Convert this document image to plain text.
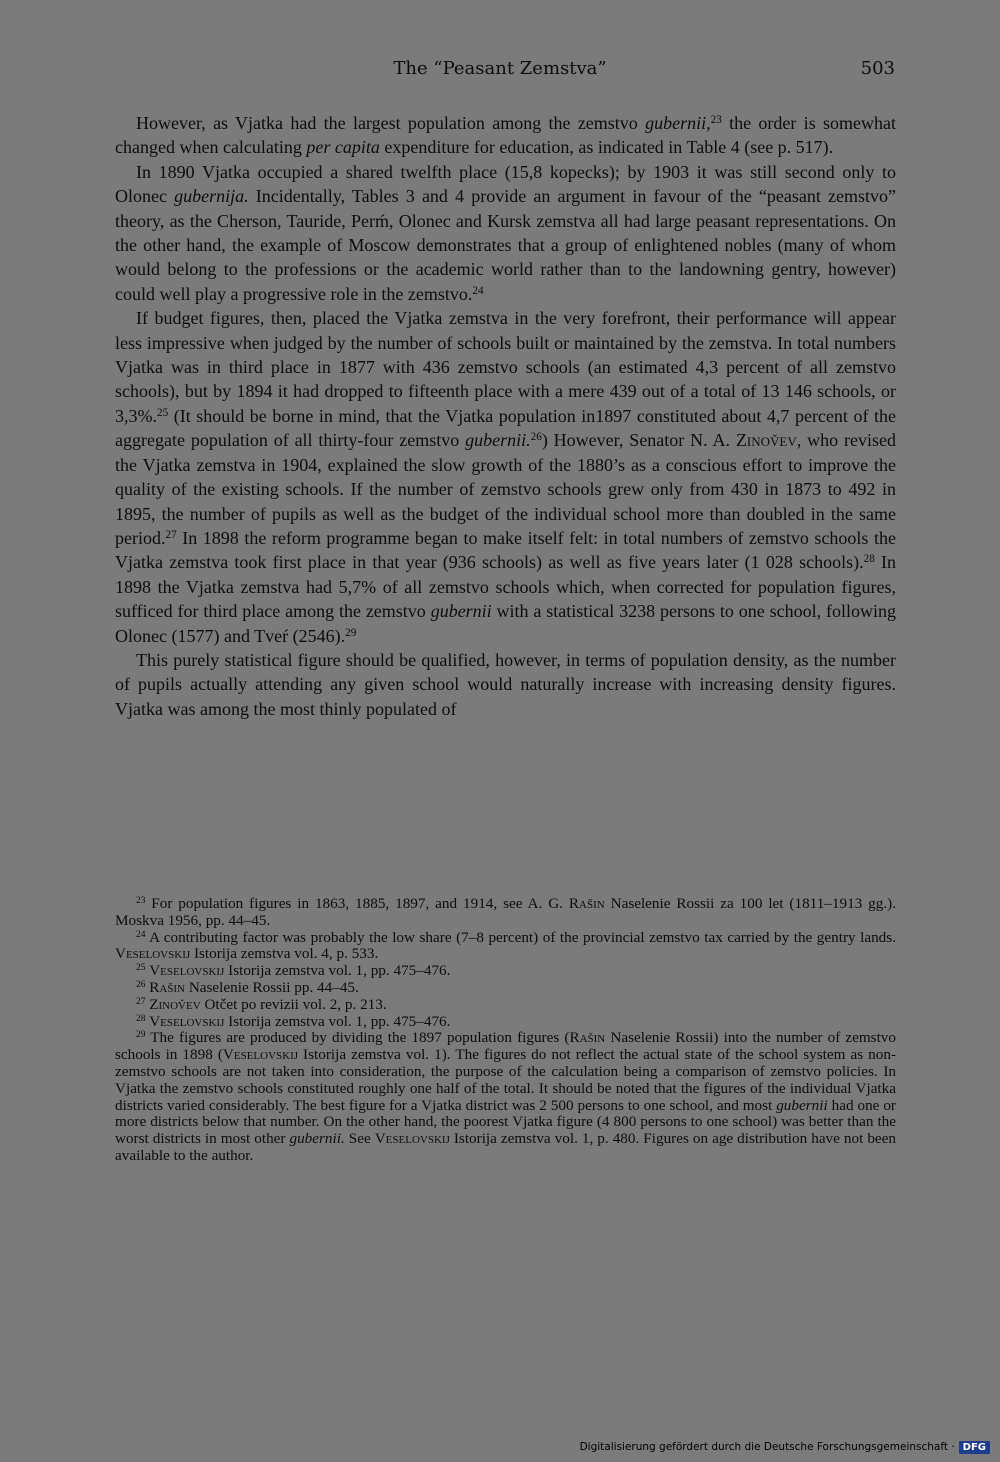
The “Peasant Zemstva”	503

However, as Vjatka had the largest population among the zemstvo gubernii,$^{23}$ the order is somewhat changed when calculating per capita expenditure for education, as indicated in Table 4 (see p. 517).

In 1890 Vjatka occupied a shared twelfth place (15,8 kopecks); by 1903 it was still second only to Olonec gubernija. Incidentally, Tables 3 and 4 provide an argument in favour of the “peasant zemstvo” theory, as the Cherson, Tauride, Perḿ, Olonec and Kursk zemstva all had large peasant representations. On the other hand, the example of Moscow demonstrates that a group of enlightened nobles (many of whom would belong to the professions or the academic world rather than to the landowning gentry, however) could well play a progressive role in the zemstvo.$^{24}$

If budget figures, then, placed the Vjatka zemstva in the very forefront, their performance will appear less impressive when judged by the number of schools built or maintained by the zemstva. In total numbers Vjatka was in third place in 1877 with 436 zemstvo schools (an estimated 4,3 percent of all zemstvo schools), but by 1894 it had dropped to fifteenth place with a mere 439 out of a total of 13 146 schools, or 3,3%.$^{25}$ (It should be borne in mind, that the Vjatka population in1897 constituted about 4,7 percent of the aggregate population of all thirty-four zemstvo gubernii.$^{26}$) However, Senator N. A. Zinov̌ev, who revised the Vjatka zemstva in 1904, explained the slow growth of the 1880’s as a conscious effort to improve the quality of the existing schools. If the number of zemstvo schools grew only from 430 in 1873 to 492 in 1895, the number of pupils as well as the budget of the individual school more than doubled in the same period.$^{27}$ In 1898 the reform programme began to make itself felt: in total numbers of zemstvo schools the Vjatka zemstva took first place in that year (936 schools) as well as five years later (1 028 schools).$^{28}$ In 1898 the Vjatka zemstva had 5,7% of all zemstvo schools which, when corrected for population figures, sufficed for third place among the zemstvo gubernii with a statistical 3238 persons to one school, following Olonec (1577) and Tveŕ (2546).$^{29}$

This purely statistical figure should be qualified, however, in terms of population density, as the number of pupils actually attending any given school would naturally increase with increasing density figures. Vjatka was among the most thinly populated of

$^{23}$ For population figures in 1863, 1885, 1897, and 1914, see A. G. Rašin Naselenie Rossii za 100 let (1811–1913 gg.). Moskva 1956, pp. 44–45.

$^{24}$ A contributing factor was probably the low share (7–8 percent) of the provincial zemstvo tax carried by the gentry lands. Veselovskij Istorija zemstva vol. 4, p. 533.

$^{25}$ Veselovskij Istorija zemstva vol. 1, pp. 475–476.

$^{26}$ Rašin Naselenie Rossii pp. 44–45.

$^{27}$ Zinov̌ev Otčet po revizii vol. 2, p. 213.

$^{28}$ Veselovskij Istorija zemstva vol. 1, pp. 475–476.

$^{29}$ The figures are produced by dividing the 1897 population figures (Rašin Naselenie Rossii) into the number of zemstvo schools in 1898 (Veselovskij Istorija zemstva vol. 1). The figures do not reflect the actual state of the school system as non-zemstvo schools are not taken into consideration, the purpose of the calculation being a comparison of zemstvo policies. In Vjatka the zemstvo schools constituted roughly one half of the total. It should be noted that the figures of the individual Vjatka districts varied considerably. The best figure for a Vjatka district was 2 500 persons to one school, and most gubernii had one or more districts below that number. On the other hand, the poorest Vjatka figure (4 800 persons to one school) was better than the worst districts in most other gubernii. See Veselovskij Istorija zemstva vol. 1, p. 480. Figures on age distribution have not been available to the author.

Digitalisierung gefördert durch die Deutsche Forschungsgemeinschaft · DFG
